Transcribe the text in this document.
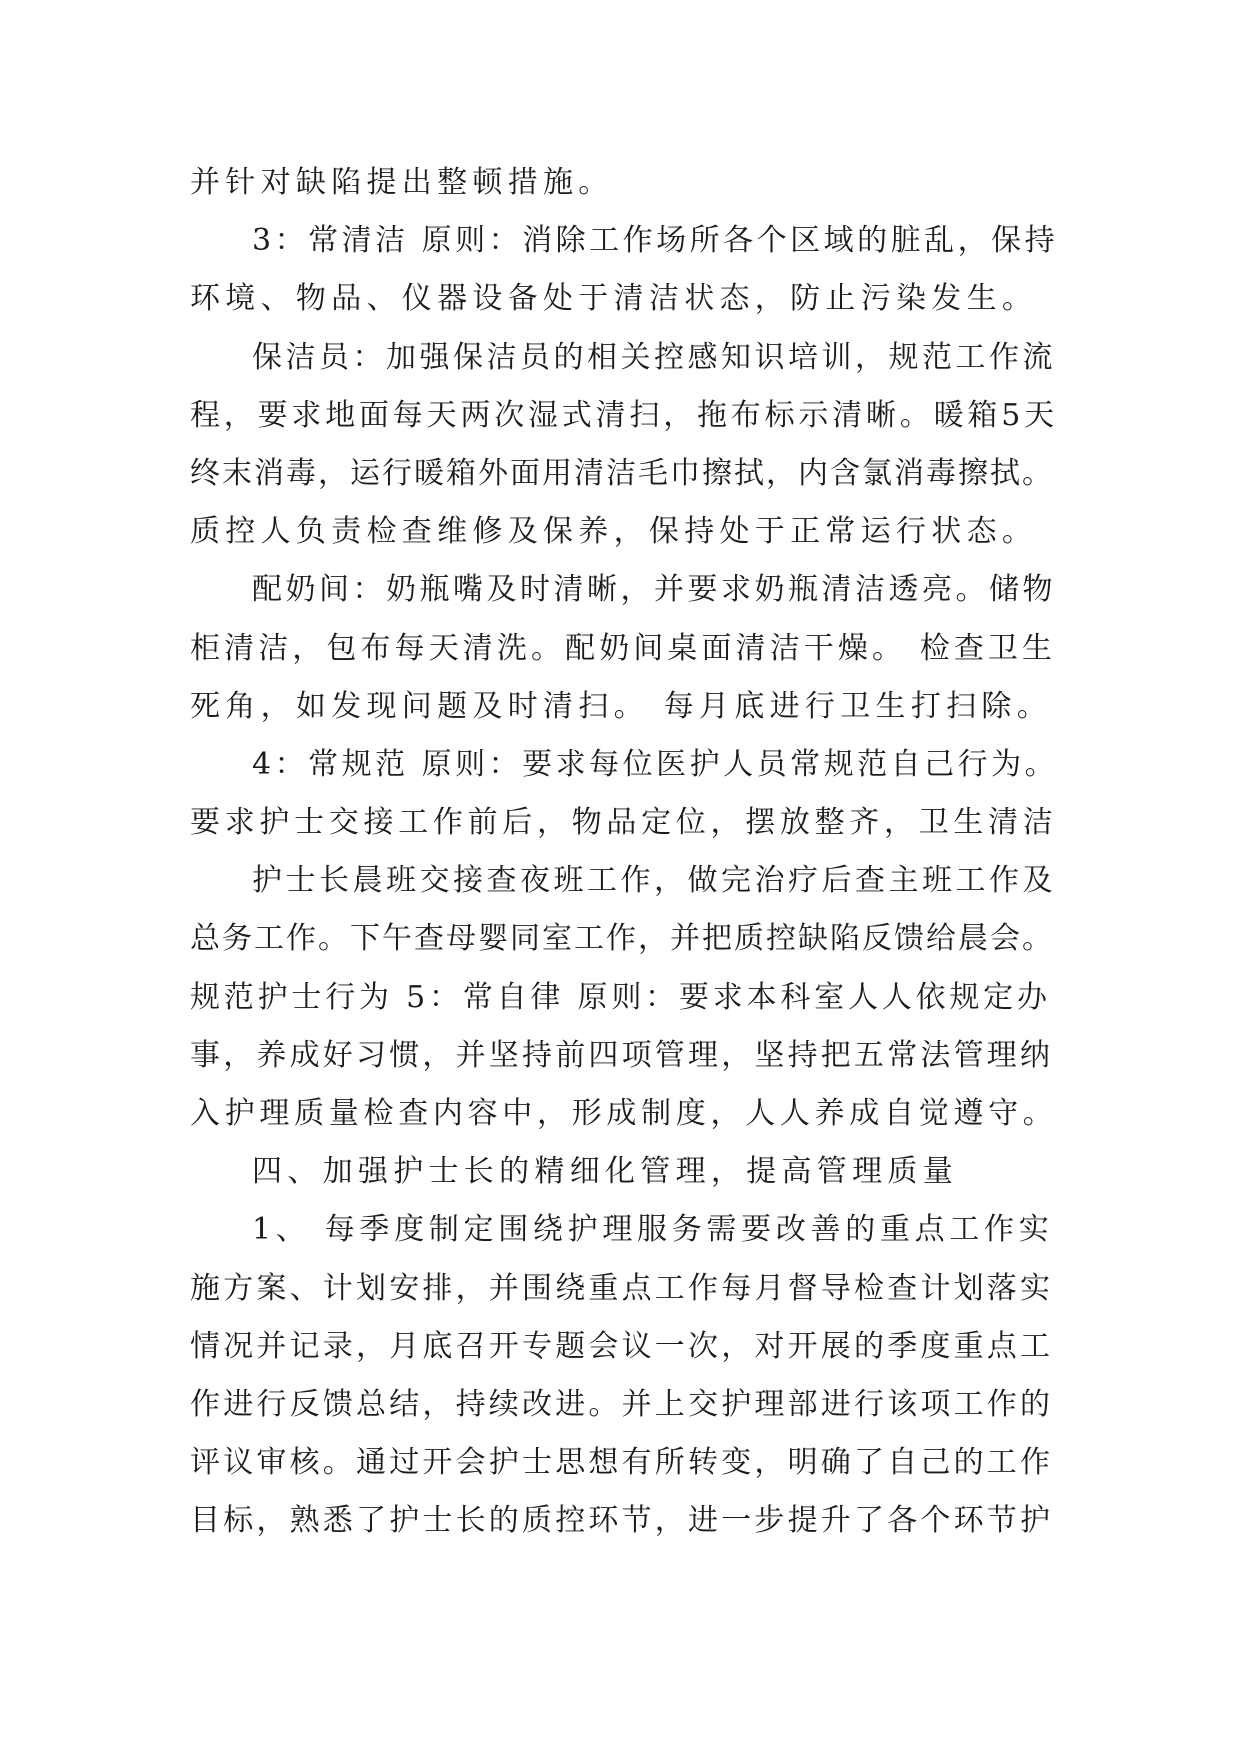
并针对缺陷提出整顿措施。
3：常清洁 原则：消除工作场所各个区域的脏乱，保持
环境、物品、仪器设备处于清洁状态，防止污染发生。
保洁员：加强保洁员的相关控感知识培训，规范工作流
程，要求地面每天两次湿式清扫，拖布标示清晰。暖箱5天
终末消毒，运行暖箱外面用清洁毛巾擦拭，内含氯消毒擦拭。
质控人负责检查维修及保养，保持处于正常运行状态。
配奶间：奶瓶嘴及时清晰，并要求奶瓶清洁透亮。储物
柜清洁，包布每天清洗。配奶间桌面清洁干燥。 检查卫生
死角，如发现问题及时清扫。 每月底进行卫生打扫除。
4：常规范 原则：要求每位医护人员常规范自己行为。
要求护士交接工作前后，物品定位，摆放整齐，卫生清洁
护士长晨班交接查夜班工作，做完治疗后查主班工作及
总务工作。下午查母婴同室工作，并把质控缺陷反馈给晨会。
规范护士行为 5：常自律 原则：要求本科室人人依规定办
事，养成好习惯，并坚持前四项管理，坚持把五常法管理纳
入护理质量检查内容中，形成制度，人人养成自觉遵守。
四、加强护士长的精细化管理，提高管理质量
1、 每季度制定围绕护理服务需要改善的重点工作实
施方案、计划安排，并围绕重点工作每月督导检查计划落实
情况并记录，月底召开专题会议一次，对开展的季度重点工
作进行反馈总结，持续改进。并上交护理部进行该项工作的
评议审核。通过开会护士思想有所转变，明确了自己的工作
目标，熟悉了护士长的质控环节，进一步提升了各个环节护
